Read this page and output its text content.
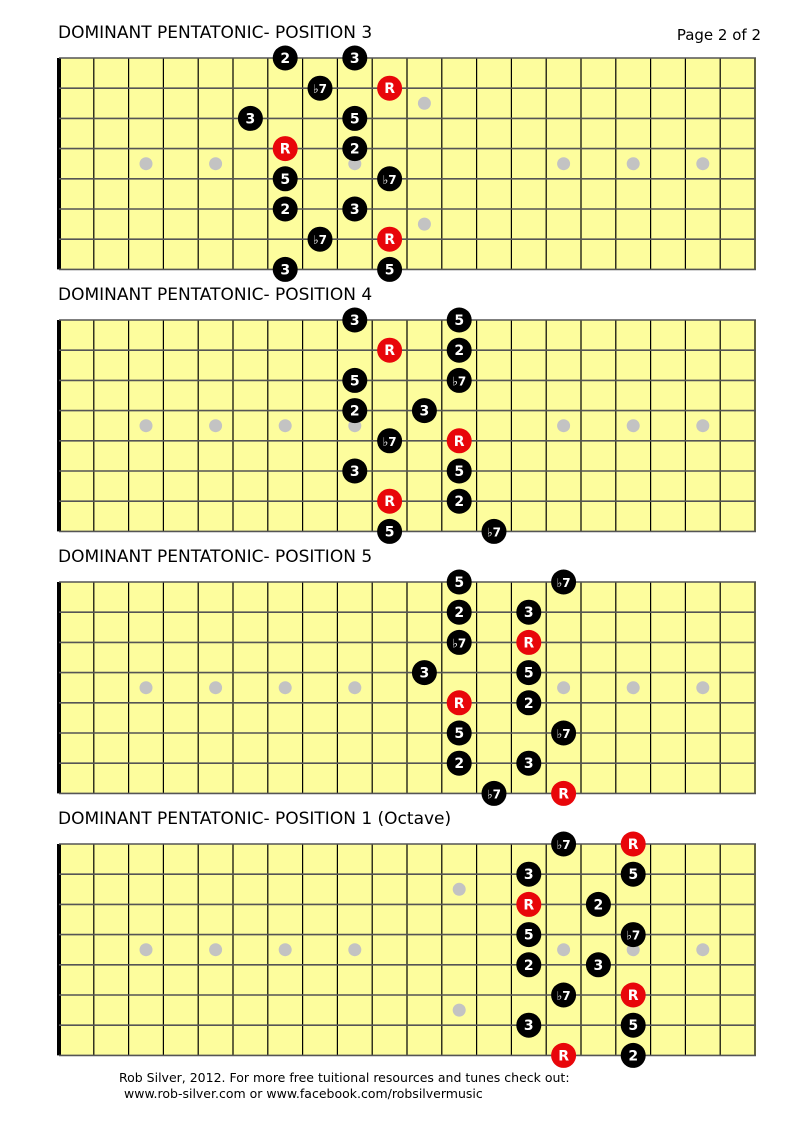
Page 2 of 2
DOMINANT PENTATONIC- POSITION 3
2	3
♭7	R
3	5
R	2
5	♭7
2	3
♭7	R
3	5
DOMINANT PENTATONIC- POSITION 4
3	5
R	2
5	♭7
2	3
♭7	R
3	5
R	2
5	♭7
DOMINANT PENTATONIC- POSITION 5
5	♭7
2	3
♭7	R
3	5
R	2
5	♭7
2	3
♭7	R
DOMINANT PENTATONIC- POSITION 1 (Octave)
♭7	R
3	5
R	2
5	♭7
2	3
♭7	R
3	5
R	2
Rob Silver, 2012. For more free tuitional resources and tunes check out:
www.rob-silver.com or www.facebook.com/robsilvermusic
